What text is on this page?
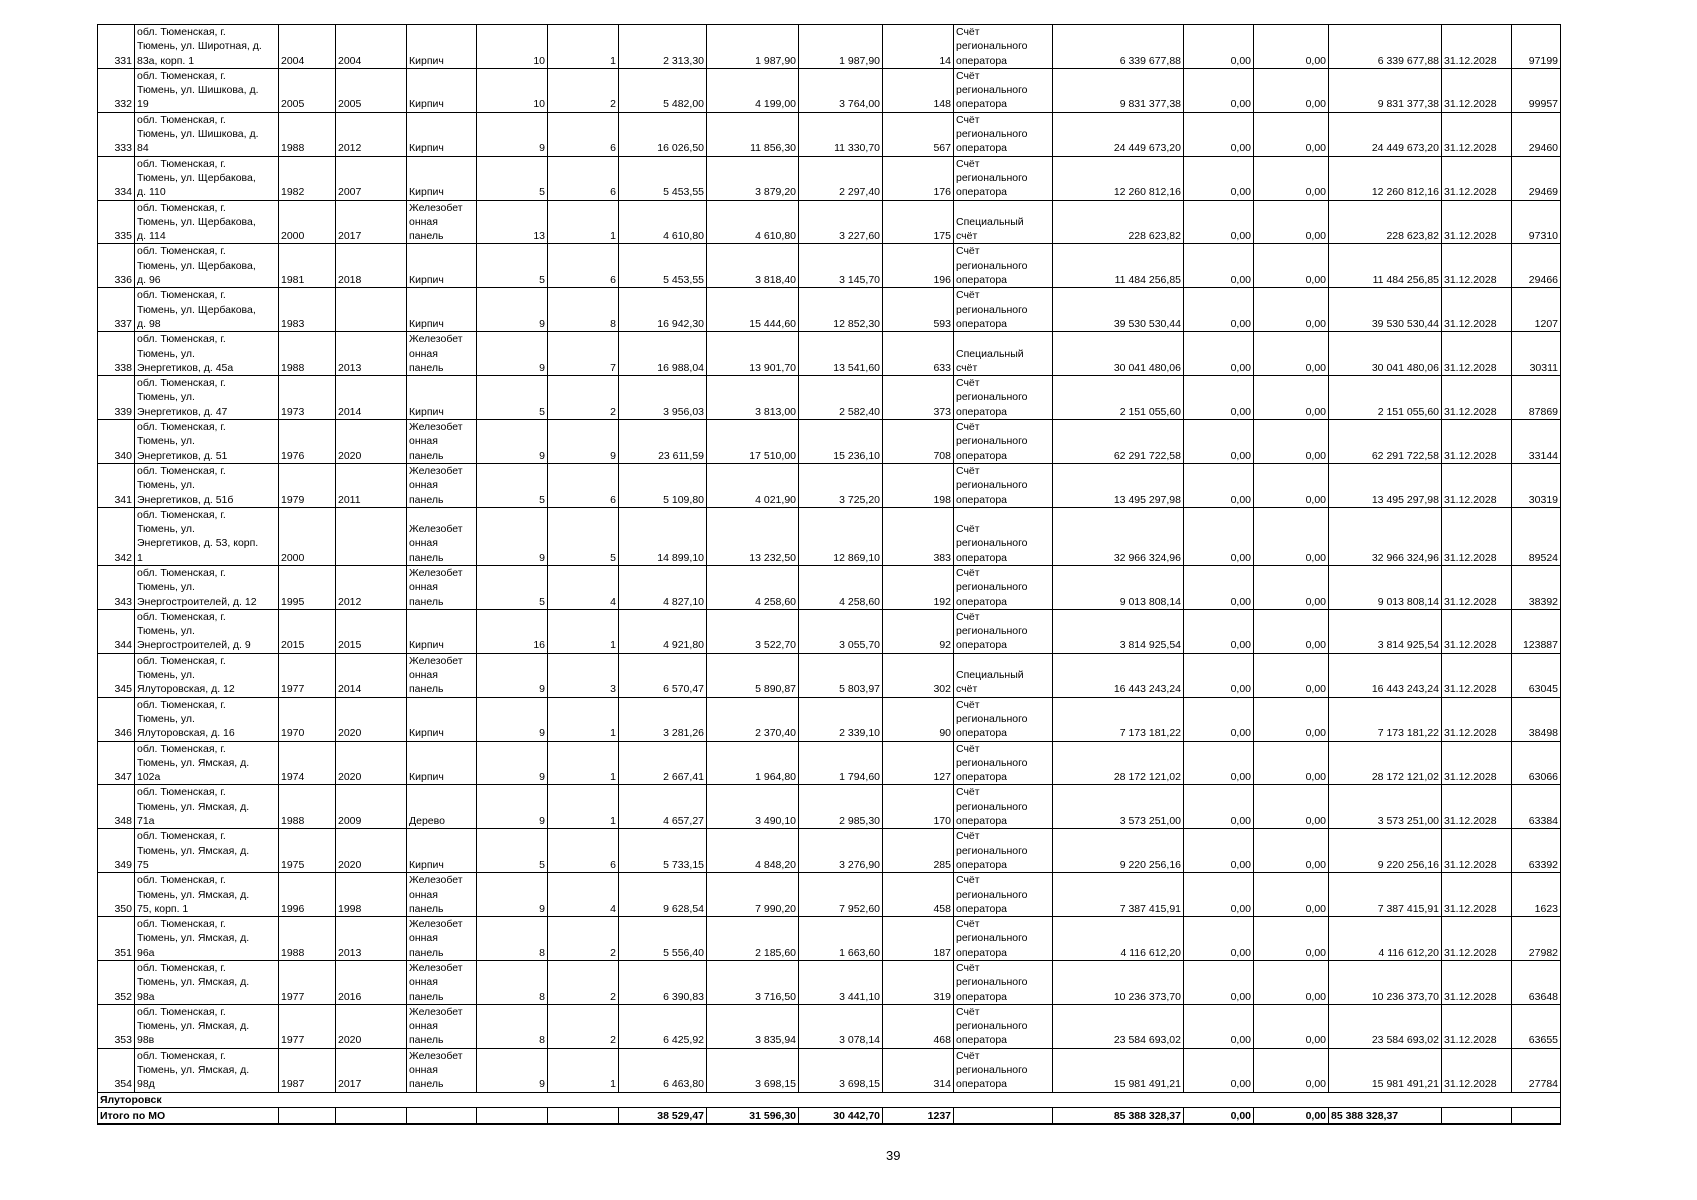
331	обл. Тюменская, г.
Тюмень, ул. Широтная, д.
83а, корп. 1	2004	2004	Кирпич	10	1	2 313,30	1 987,90	1 987,90	14	Счёт
регионального
оператора	6 339 677,88	0,00	0,00	6 339 677,88	31.12.2028	97199
332	обл. Тюменская, г.
Тюмень, ул. Шишкова, д.
19	2005	2005	Кирпич	10	2	5 482,00	4 199,00	3 764,00	148	Счёт
регионального
оператора	9 831 377,38	0,00	0,00	9 831 377,38	31.12.2028	99957
333	обл. Тюменская, г.
Тюмень, ул. Шишкова, д.
84	1988	2012	Кирпич	9	6	16 026,50	11 856,30	11 330,70	567	Счёт
регионального
оператора	24 449 673,20	0,00	0,00	24 449 673,20	31.12.2028	29460
334	обл. Тюменская, г.
Тюмень, ул. Щербакова,
д. 110	1982	2007	Кирпич	5	6	5 453,55	3 879,20	2 297,40	176	Счёт
регионального
оператора	12 260 812,16	0,00	0,00	12 260 812,16	31.12.2028	29469
335	обл. Тюменская, г.
Тюмень, ул. Щербакова,
д. 114	2000	2017	Железобет
онная
панель	13	1	4 610,80	4 610,80	3 227,60	175	Специальный
счёт	228 623,82	0,00	0,00	228 623,82	31.12.2028	97310
336	обл. Тюменская, г.
Тюмень, ул. Щербакова,
д. 96	1981	2018	Кирпич	5	6	5 453,55	3 818,40	3 145,70	196	Счёт
регионального
оператора	11 484 256,85	0,00	0,00	11 484 256,85	31.12.2028	29466
337	обл. Тюменская, г.
Тюмень, ул. Щербакова,
д. 98	1983		Кирпич	9	8	16 942,30	15 444,60	12 852,30	593	Счёт
регионального
оператора	39 530 530,44	0,00	0,00	39 530 530,44	31.12.2028	1207
338	обл. Тюменская, г.
Тюмень, ул.
Энергетиков, д. 45а	1988	2013	Железобет
онная
панель	9	7	16 988,04	13 901,70	13 541,60	633	Специальный
счёт	30 041 480,06	0,00	0,00	30 041 480,06	31.12.2028	30311
339	обл. Тюменская, г.
Тюмень, ул.
Энергетиков, д. 47	1973	2014	Кирпич	5	2	3 956,03	3 813,00	2 582,40	373	Счёт
регионального
оператора	2 151 055,60	0,00	0,00	2 151 055,60	31.12.2028	87869
340	обл. Тюменская, г.
Тюмень, ул.
Энергетиков, д. 51	1976	2020	Железобет
онная
панель	9	9	23 611,59	17 510,00	15 236,10	708	Счёт
регионального
оператора	62 291 722,58	0,00	0,00	62 291 722,58	31.12.2028	33144
341	обл. Тюменская, г.
Тюмень, ул.
Энергетиков, д. 51б	1979	2011	Железобет
онная
панель	5	6	5 109,80	4 021,90	3 725,20	198	Счёт
регионального
оператора	13 495 297,98	0,00	0,00	13 495 297,98	31.12.2028	30319
342	обл. Тюменская, г.
Тюмень, ул.
Энергетиков, д. 53, корп.
1	2000		Железобет
онная
панель	9	5	14 899,10	13 232,50	12 869,10	383	Счёт
регионального
оператора	32 966 324,96	0,00	0,00	32 966 324,96	31.12.2028	89524
343	обл. Тюменская, г.
Тюмень, ул.
Энергостроителей, д. 12	1995	2012	Железобет
онная
панель	5	4	4 827,10	4 258,60	4 258,60	192	Счёт
регионального
оператора	9 013 808,14	0,00	0,00	9 013 808,14	31.12.2028	38392
344	обл. Тюменская, г.
Тюмень, ул.
Энергостроителей, д. 9	2015	2015	Кирпич	16	1	4 921,80	3 522,70	3 055,70	92	Счёт
регионального
оператора	3 814 925,54	0,00	0,00	3 814 925,54	31.12.2028	123887
345	обл. Тюменская, г.
Тюмень, ул.
Ялуторовская, д. 12	1977	2014	Железобет
онная
панель	9	3	6 570,47	5 890,87	5 803,97	302	Специальный
счёт	16 443 243,24	0,00	0,00	16 443 243,24	31.12.2028	63045
346	обл. Тюменская, г.
Тюмень, ул.
Ялуторовская, д. 16	1970	2020	Кирпич	9	1	3 281,26	2 370,40	2 339,10	90	Счёт
регионального
оператора	7 173 181,22	0,00	0,00	7 173 181,22	31.12.2028	38498
347	обл. Тюменская, г.
Тюмень, ул. Ямская, д.
102а	1974	2020	Кирпич	9	1	2 667,41	1 964,80	1 794,60	127	Счёт
регионального
оператора	28 172 121,02	0,00	0,00	28 172 121,02	31.12.2028	63066
348	обл. Тюменская, г.
Тюмень, ул. Ямская, д.
71а	1988	2009	Дерево	9	1	4 657,27	3 490,10	2 985,30	170	Счёт
регионального
оператора	3 573 251,00	0,00	0,00	3 573 251,00	31.12.2028	63384
349	обл. Тюменская, г.
Тюмень, ул. Ямская, д.
75	1975	2020	Кирпич	5	6	5 733,15	4 848,20	3 276,90	285	Счёт
регионального
оператора	9 220 256,16	0,00	0,00	9 220 256,16	31.12.2028	63392
350	обл. Тюменская, г.
Тюмень, ул. Ямская, д.
75, корп. 1	1996	1998	Железобет
онная
панель	9	4	9 628,54	7 990,20	7 952,60	458	Счёт
регионального
оператора	7 387 415,91	0,00	0,00	7 387 415,91	31.12.2028	1623
351	обл. Тюменская, г.
Тюмень, ул. Ямская, д.
96а	1988	2013	Железобет
онная
панель	8	2	5 556,40	2 185,60	1 663,60	187	Счёт
регионального
оператора	4 116 612,20	0,00	0,00	4 116 612,20	31.12.2028	27982
352	обл. Тюменская, г.
Тюмень, ул. Ямская, д.
98а	1977	2016	Железобет
онная
панель	8	2	6 390,83	3 716,50	3 441,10	319	Счёт
регионального
оператора	10 236 373,70	0,00	0,00	10 236 373,70	31.12.2028	63648
353	обл. Тюменская, г.
Тюмень, ул. Ямская, д.
98в	1977	2020	Железобет
онная
панель	8	2	6 425,92	3 835,94	3 078,14	468	Счёт
регионального
оператора	23 584 693,02	0,00	0,00	23 584 693,02	31.12.2028	63655
354	обл. Тюменская, г.
Тюмень, ул. Ямская, д.
98д	1987	2017	Железобет
онная
панель	9	1	6 463,80	3 698,15	3 698,15	314	Счёт
регионального
оператора	15 981 491,21	0,00	0,00	15 981 491,21	31.12.2028	27784
Ялуторовск																	
Итого по МО							38 529,47	31 596,30	30 442,70	1237		85 388 328,37	0,00	0,00	85 388 328,37		
39
